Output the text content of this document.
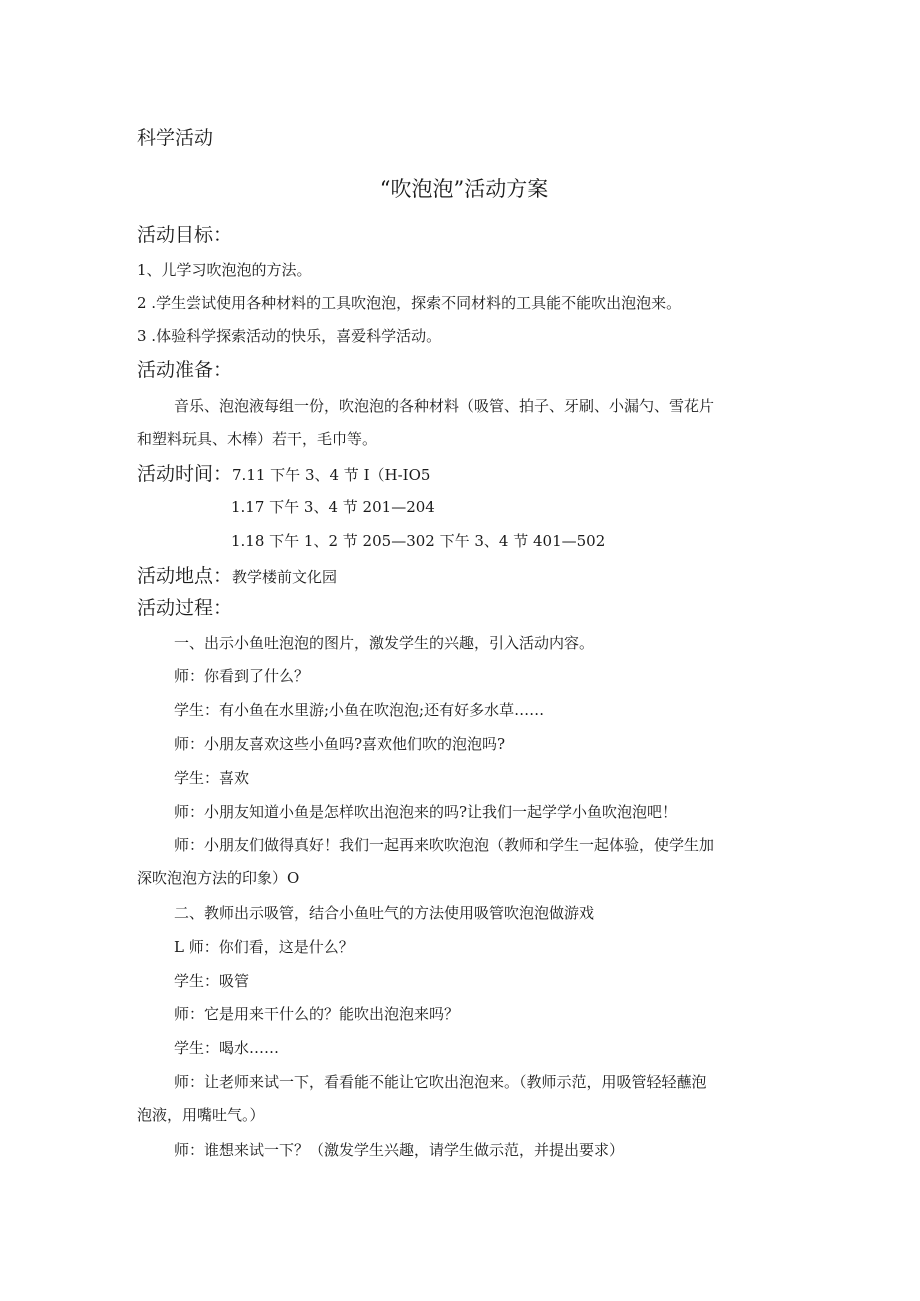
科学活动
“吹泡泡”活动方案
活动目标：
1、儿学习吹泡泡的方法。
2 .学生尝试使用各种材料的工具吹泡泡，探索不同材料的工具能不能吹出泡泡来。
3 .体验科学探索活动的快乐，喜爱科学活动。
活动准备：
音乐、泡泡液每组一份，吹泡泡的各种材料（吸管、拍子、牙刷、小漏勺、雪花片
和塑料玩具、木棒）若干，毛巾等。
活动时间：7.11 下午 3、4 节 I（H-IO5
1.17 下午 3、4 节 201—204
1.18 下午 1、2 节 205—302 下午 3、4 节 401—502
活动地点：教学楼前文化园
活动过程：
一、出示小鱼吐泡泡的图片，激发学生的兴趣，引入活动内容。
师：你看到了什么？
学生：有小鱼在水里游;小鱼在吹泡泡;还有好多水草……
师：小朋友喜欢这些小鱼吗?喜欢他们吹的泡泡吗?
学生：喜欢
师：小朋友知道小鱼是怎样吹出泡泡来的吗?让我们一起学学小鱼吹泡泡吧！
师：小朋友们做得真好！我们一起再来吹吹泡泡（教师和学生一起体验，使学生加
深吹泡泡方法的印象）O
二、教师出示吸管，结合小鱼吐气的方法使用吸管吹泡泡做游戏
L 师：你们看，这是什么？
学生：吸管
师：它是用来干什么的？能吹出泡泡来吗？
学生：喝水……
师：让老师来试一下，看看能不能让它吹出泡泡来。（教师示范，用吸管轻轻蘸泡
泡液，用嘴吐气。）
师：谁想来试一下？（激发学生兴趣，请学生做示范，并提出要求）
